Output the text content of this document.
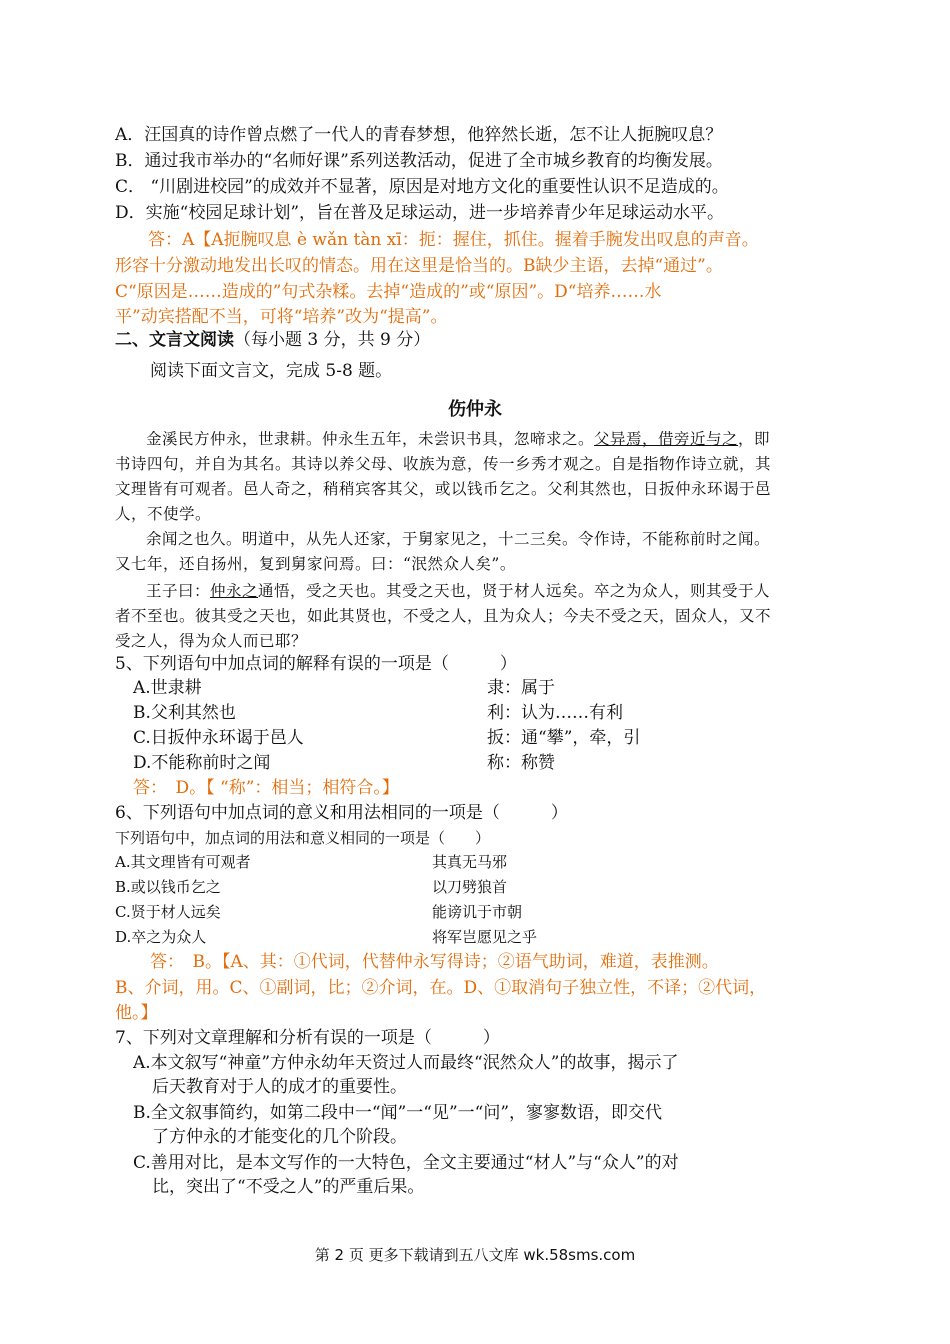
A．汪国真的诗作曾点燃了一代人的青春梦想，他猝然长逝，怎不让人扼腕叹息？
B．通过我市举办的“名师好课”系列送教活动，促进了全市城乡教育的均衡发展。
C． “川剧进校园”的成效并不显著，原因是对地方文化的重要性认识不足造成的。
D．实施“校园足球计划”，旨在普及足球运动，进一步培养青少年足球运动水平。
答：A【A扼腕叹息 è wǎn tàn xī：扼：握住，抓住。握着手腕发出叹息的声音。
形容十分激动地发出长叹的情态。用在这里是恰当的。B缺少主语，去掉“通过”。
C“原因是……造成的”句式杂糅。去掉“造成的”或“原因”。D“培养……水
平”动宾搭配不当，可将“培养”改为“提高”。
二、文言文阅读（每小题 3 分，共 9 分）
阅读下面文言文，完成 5-8 题。
伤仲永
金溪民方仲永，世隶耕。仲永生五年，未尝识书具，忽啼求之。父异焉，借旁近与之，即
书诗四句，并自为其名。其诗以养父母、收族为意，传一乡秀才观之。自是指物作诗立就，其
文理皆有可观者。邑人奇之，稍稍宾客其父，或以钱币乞之。父利其然也，日扳仲永环谒于邑
人，不使学。
余闻之也久。明道中，从先人还家，于舅家见之，十二三矣。令作诗，不能称前时之闻。
又七年，还自扬州，复到舅家问焉。曰：“泯然众人矣”。
王子曰：仲永之通悟，受之天也。其受之天也，贤于材人远矣。卒之为众人，则其受于人
者不至也。彼其受之天也，如此其贤也，不受之人，且为众人；今夫不受之天，固众人，又不
受之人，得为众人而已耶？
5、下列语句中加点词的解释有误的一项是（　　　）
A.世隶耕	隶：属于
B.父利其然也	利：认为……有利
C.日扳仲永环谒于邑人	扳：通“攀”，牵，引
D.不能称前时之闻	称：称赞
答：　D。【 “称”：相当；相符合。】
6、下列语句中加点词的意义和用法相同的一项是（　　　）
下列语句中，加点词的用法和意义相同的一项是（　　）
A.其文理皆有可观者	其真无马邪
B.或以钱币乞之	以刀劈狼首
C.贤于材人远矣	能谤讥于市朝
D.卒之为众人	将军岂愿见之乎
答：　B。【A、其：①代词，代替仲永写得诗；②语气助词，难道，表推测。
B、介词，用。C、①副词，比；②介词，在。D、①取消句子独立性，不译；②代词，
他。】
7、下列对文章理解和分析有误的一项是（　　　）
A.本文叙写“神童”方仲永幼年天资过人而最终“泯然众人”的故事，揭示了
后天教育对于人的成才的重要性。
B.全文叙事简约，如第二段中一“闻”一“见”一“问”，寥寥数语，即交代
了方仲永的才能变化的几个阶段。
C.善用对比，是本文写作的一大特色，全文主要通过“材人”与“众人”的对
比，突出了“不受之人”的严重后果。
第 2 页 更多下载请到五八文库 wk.58sms.com
